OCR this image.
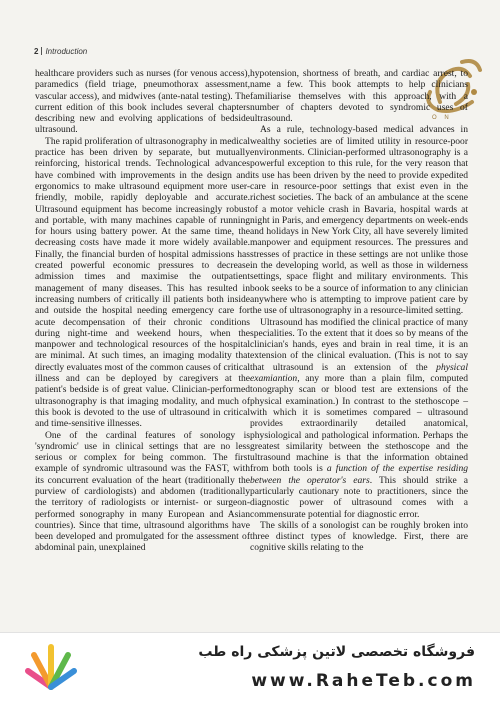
2 Introduction
O N

healthcare providers such as nurses (for venous access), paramedics (field triage, pneumothorax assessment, vascular access), and midwives (ante-natal testing). The current edition of this book includes several chapters describing new and evolving applications of bedside ultrasound.

The rapid proliferation of ultrasonography in medical practice has been driven by separate, but mutually reinforcing, historical trends. Technological advances have combined with improvements in the design and ergonomics to make ultrasound equipment more user-friendly, mobile, rapidly deployable and accurate. Ultrasound equipment has become increasingly robust and portable, with many machines capable of running for hours using battery power. At the same time, the decreasing costs have made it more widely available. Finally, the financial burden of hospital admissions has created powerful economic pressures to decrease admission times and maximise the outpatient management of many diseases. This has resulted in increasing numbers of critically ill patients both inside and outside the hospital needing emergency care for acute decompensation of their chronic conditions during night-time and weekend hours, when the manpower and technological resources of the hospital are minimal. At such times, an imaging modality that directly evaluates most of the common causes of critical illness and can be deployed by caregivers at the patient's bedside is of great value. Clinician-performed ultrasonography is that imaging modality, and much of this book is devoted to the use of ultrasound in critical and time-sensitive illnesses.

One of the cardinal features of sonology is 'syndromic' use in clinical settings that are no less serious or complex for being common. The first example of syndromic ultrasound was the FAST, with its concurrent evaluation of the heart (traditionally the purview of cardiologists) and abdomen (traditionally the territory of radiologists or internist- or surgeon-performed sonography in many European and Asian countries). Since that time, ultrasound algorithms have been developed and promulgated for the assessment of abdominal pain, unexplained

hypotension, shortness of breath, and cardiac arrest, to name a few. This book attempts to help clinicians familiarise themselves with this approach, with a number of chapters devoted to syndromic uses of ultrasound.

As a rule, technology-based medical advances in wealthy societies are of limited utility in resource-poor environments. Clinician-performed ultrasonography is a powerful exception to this rule, for the very reason that its use has been driven by the need to provide expedited care in resource-poor settings that exist even in the richest societies. The back of an ambulance at the scene of a motor vehicle crash in Bavaria, hospital wards at night in Paris, and emergency departments on week-ends and holidays in New York City, all have severely limited manpower and equipment resources. The pressures and stresses of practice in these settings are not unlike those in the developing world, as well as those in wilderness settings, space flight and military environments. This book seeks to be a source of information to any clinician anywhere who is attempting to improve patient care by the use of ultrasonography in a resource-limited setting.

Ultrasound has modified the clinical practice of many specialities. To the extent that it does so by means of the clinician's hands, eyes and brain in real time, it is an extension of the clinical evaluation. (This is not to say that ultrasound is an extension of the physical examiantion, any more than a plain film, computed tonography scan or blood test are extensions of the physical examination.) In contrast to the stethoscope – with which it is sometimes compared – ultrasound provides extraordinarily detailed anatomical, physiological and pathological information. Perhaps the greatest similarity between the stethoscope and the ultrasound machine is that the information obtained from both tools is a function of the expertise residing between the operator's ears. This should strike a particularly cautionary note to practitioners, since the diagnostic power of ultrasound comes with a commensurate potential for diagnostic error.

The skills of a sonologist can be roughly broken into three distinct types of knowledge. First, there are cognitive skills relating to the

فروشگاه تخصصی لاتین پزشکی راه طب
www.RaheTeb.com
